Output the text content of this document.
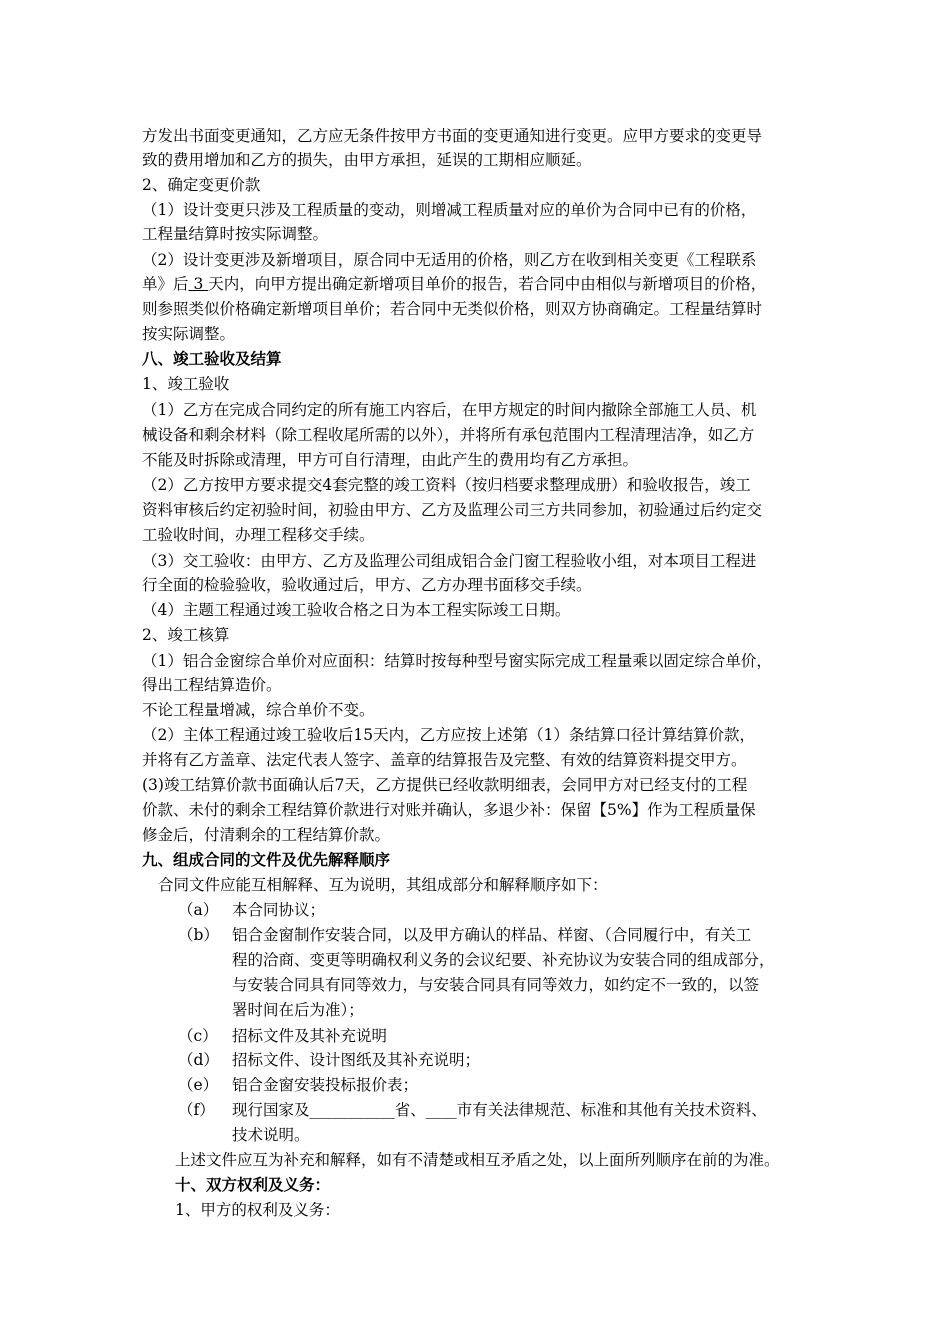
方发出书面变更通知，乙方应无条件按甲方书面的变更通知进行变更。应甲方要求的变更导
致的费用增加和乙方的损失，由甲方承担，延误的工期相应顺延。
2、确定变更价款
（1）设计变更只涉及工程质量的变动，则增减工程质量对应的单价为合同中已有的价格，
工程量结算时按实际调整。
（2）设计变更涉及新增项目，原合同中无适用的价格，则乙方在收到相关变更《工程联系
单》后 3 天内，向甲方提出确定新增项目单价的报告，若合同中由相似与新增项目的价格，
则参照类似价格确定新增项目单价；若合同中无类似价格，则双方协商确定。工程量结算时
按实际调整。
八、竣工验收及结算
1、竣工验收
（1）乙方在完成合同约定的所有施工内容后，在甲方规定的时间内撤除全部施工人员、机
械设备和剩余材料（除工程收尾所需的以外），并将所有承包范围内工程清理洁净，如乙方
不能及时拆除或清理，甲方可自行清理，由此产生的费用均有乙方承担。
（2）乙方按甲方要求提交4套完整的竣工资料（按归档要求整理成册）和验收报告，竣工
资料审核后约定初验时间，初验由甲方、乙方及监理公司三方共同参加，初验通过后约定交
工验收时间，办理工程移交手续。
（3）交工验收：由甲方、乙方及监理公司组成铝合金门窗工程验收小组，对本项目工程进
行全面的检验验收，验收通过后，甲方、乙方办理书面移交手续。
（4）主题工程通过竣工验收合格之日为本工程实际竣工日期。
2、竣工核算
（1）铝合金窗综合单价对应面积：结算时按每种型号窗实际完成工程量乘以固定综合单价，
得出工程结算造价。
不论工程量增减，综合单价不变。
（2）主体工程通过竣工验收后15天内，乙方应按上述第（1）条结算口径计算结算价款，
并将有乙方盖章、法定代表人签字、盖章的结算报告及完整、有效的结算资料提交甲方。
(3)竣工结算价款书面确认后7天，乙方提供已经收款明细表，会同甲方对已经支付的工程
价款、未付的剩余工程结算价款进行对账并确认，多退少补：保留【5%】作为工程质量保
修金后，付清剩余的工程结算价款。
九、组成合同的文件及优先解释顺序
合同文件应能互相解释、互为说明，其组成部分和解释顺序如下：
（a） 本合同协议；
（b） 铝合金窗制作安装合同，以及甲方确认的样品、样窗、（合同履行中，有关工
程的洽商、变更等明确权利义务的会议纪要、补充协议为安装合同的组成部分，
与安装合同具有同等效力，与安装合同具有同等效力，如约定不一致的，以签
署时间在后为准）；
（c） 招标文件及其补充说明
（d） 招标文件、设计图纸及其补充说明；
（e） 铝合金窗安装投标报价表；
（f） 现行国家及___________省、____市有关法律规范、标准和其他有关技术资料、
技术说明。
上述文件应互为补充和解释，如有不清楚或相互矛盾之处，以上面所列顺序在前的为准。
十、双方权利及义务：
1、甲方的权利及义务：
